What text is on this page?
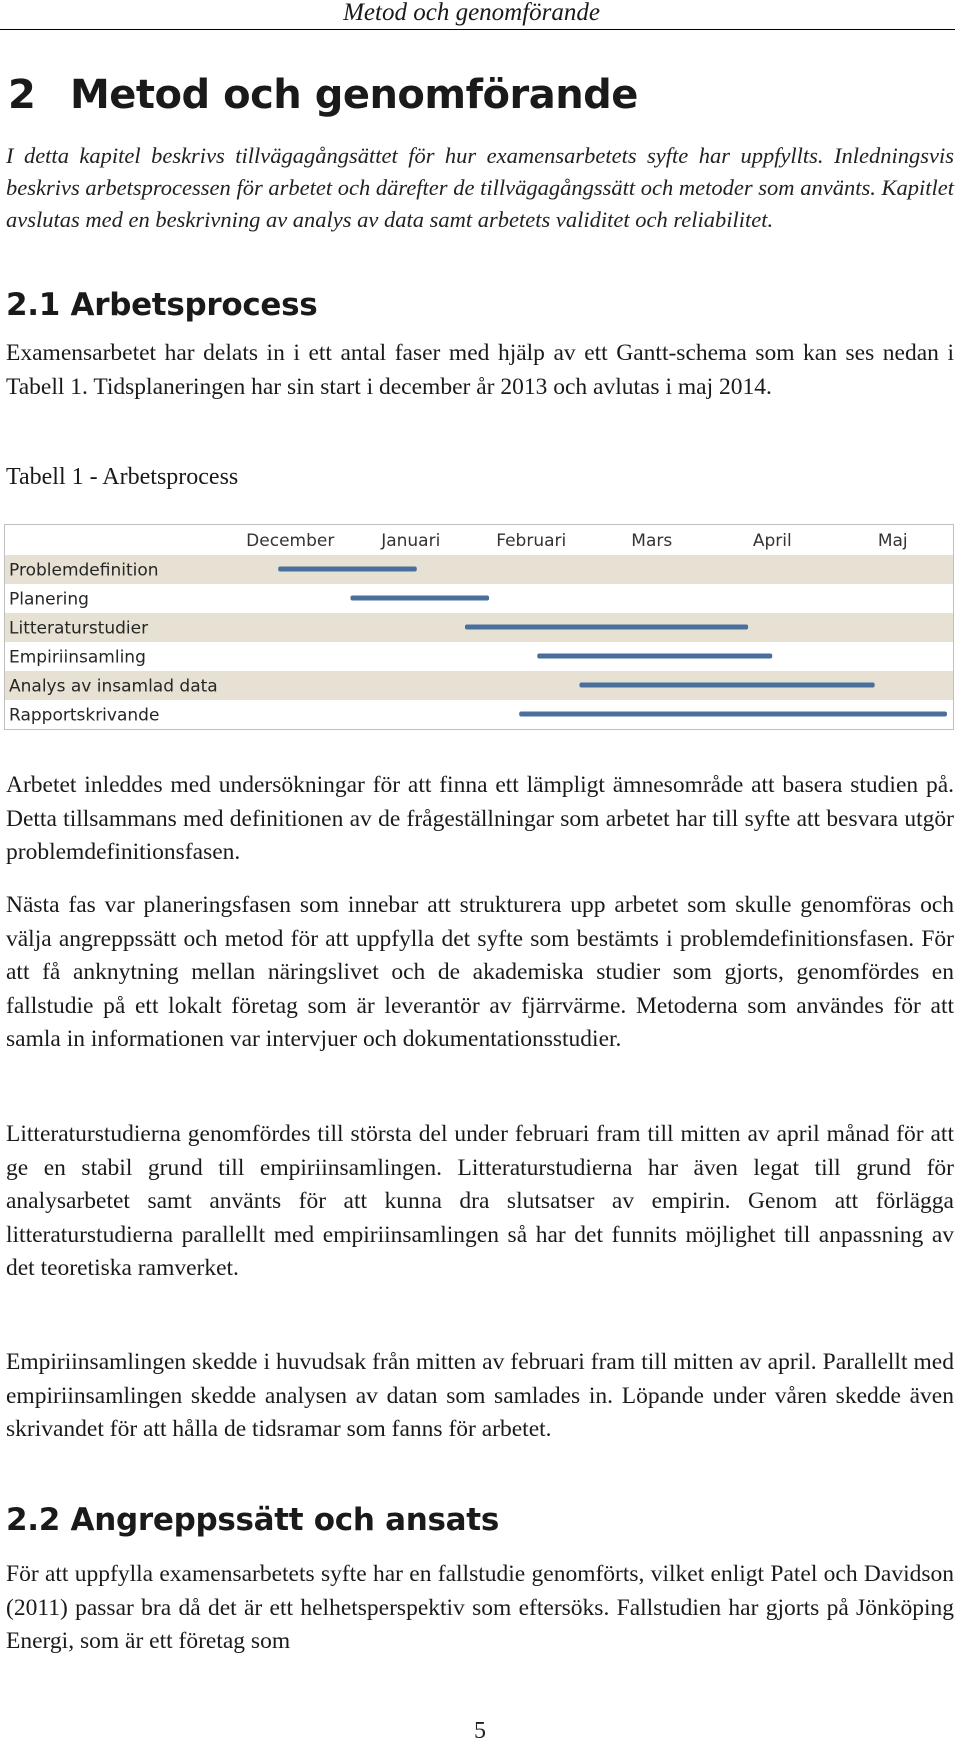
Metod och genomförande
2 Metod och genomförande

I detta kapitel beskrivs tillvägagångsättet för hur examensarbetets syfte har uppfyllts. Inledningsvis beskrivs arbetsprocessen för arbetet och därefter de tillvägagångssätt och metoder som använts. Kapitlet avslutas med en beskrivning av analys av data samt arbetets validitet och reliabilitet.

2.1 Arbetsprocess

Examensarbetet har delats in i ett antal faser med hjälp av ett Gantt-schema som kan ses nedan i Tabell 1. Tidsplaneringen har sin start i december år 2013 och avlutas i maj 2014.

Tabell 1 - Arbetsprocess

December	Januari	Februari	Mars	April	Maj
Problemdefinition
Planering
Litteraturstudier
Empiriinsamling
Analys av insamlad data
Rapportskrivande

Arbetet inleddes med undersökningar för att finna ett lämpligt ämnesområde att basera studien på. Detta tillsammans med definitionen av de frågeställningar som arbetet har till syfte att besvara utgör problemdefinitionsfasen.

Nästa fas var planeringsfasen som innebar att strukturera upp arbetet som skulle genomföras och välja angreppssätt och metod för att uppfylla det syfte som bestämts i problemdefinitionsfasen. För att få anknytning mellan näringslivet och de akademiska studier som gjorts, genomfördes en fallstudie på ett lokalt företag som är leverantör av fjärrvärme. Metoderna som användes för att samla in informationen var intervjuer och dokumentationsstudier.

Litteraturstudierna genomfördes till största del under februari fram till mitten av april månad för att ge en stabil grund till empiriinsamlingen. Litteraturstudierna har även legat till grund för analysarbetet samt använts för att kunna dra slutsatser av empirin. Genom att förlägga litteraturstudierna parallellt med empiriinsamlingen så har det funnits möjlighet till anpassning av det teoretiska ramverket.

Empiriinsamlingen skedde i huvudsak från mitten av februari fram till mitten av april. Parallellt med empiriinsamlingen skedde analysen av datan som samlades in. Löpande under våren skedde även skrivandet för att hålla de tidsramar som fanns för arbetet.

2.2 Angreppssätt och ansats

För att uppfylla examensarbetets syfte har en fallstudie genomförts, vilket enligt Patel och Davidson (2011) passar bra då det är ett helhetsperspektiv som eftersöks. Fallstudien har gjorts på Jönköping Energi, som är ett företag som

5
